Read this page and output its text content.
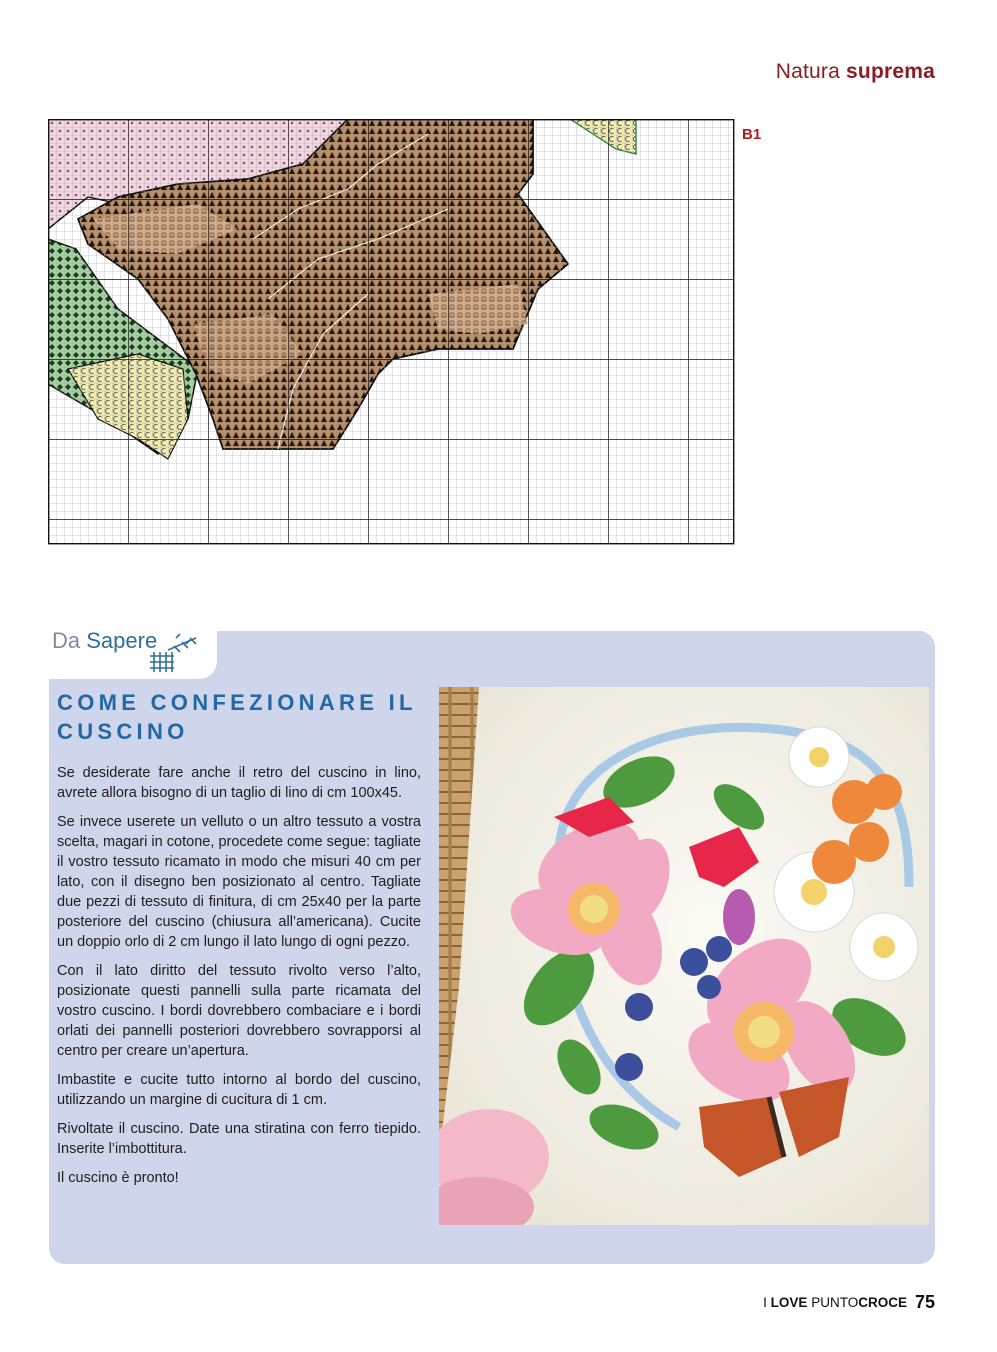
Natura suprema
B1
Da Sapere
COME CONFEZIONARE IL CUSCINO

Se desiderate fare anche il retro del cuscino in lino, avrete allora bisogno di un taglio di lino di cm 100x45.

Se invece userete un velluto o un altro tessuto a vostra scelta, magari in cotone, procedete come segue: tagliate il vostro tessuto ricamato in modo che misuri 40 cm per lato, con il disegno ben posizionato al centro. Tagliate due pezzi di tessuto di finitura, di cm 25x40 per la parte posteriore del cuscino (chiusura all’americana). Cucite un doppio orlo di 2 cm lungo il lato lungo di ogni pezzo.

Con il lato diritto del tessuto rivolto verso l’alto, posizionate questi pannelli sulla parte ricamata del vostro cuscino. I bordi dovrebbero combaciare e i bordi orlati dei pannelli posteriori dovrebbero sovrapporsi al centro per creare un’apertura.

Imbastite e cucite tutto intorno al bordo del cuscino, utilizzando un margine di cucitura di 1 cm.

Rivoltate il cuscino. Date una stiratina con ferro tiepido. Inserite l’imbottitura.

Il cuscino è pronto!

I LOVE PUNTOCROCE 75
